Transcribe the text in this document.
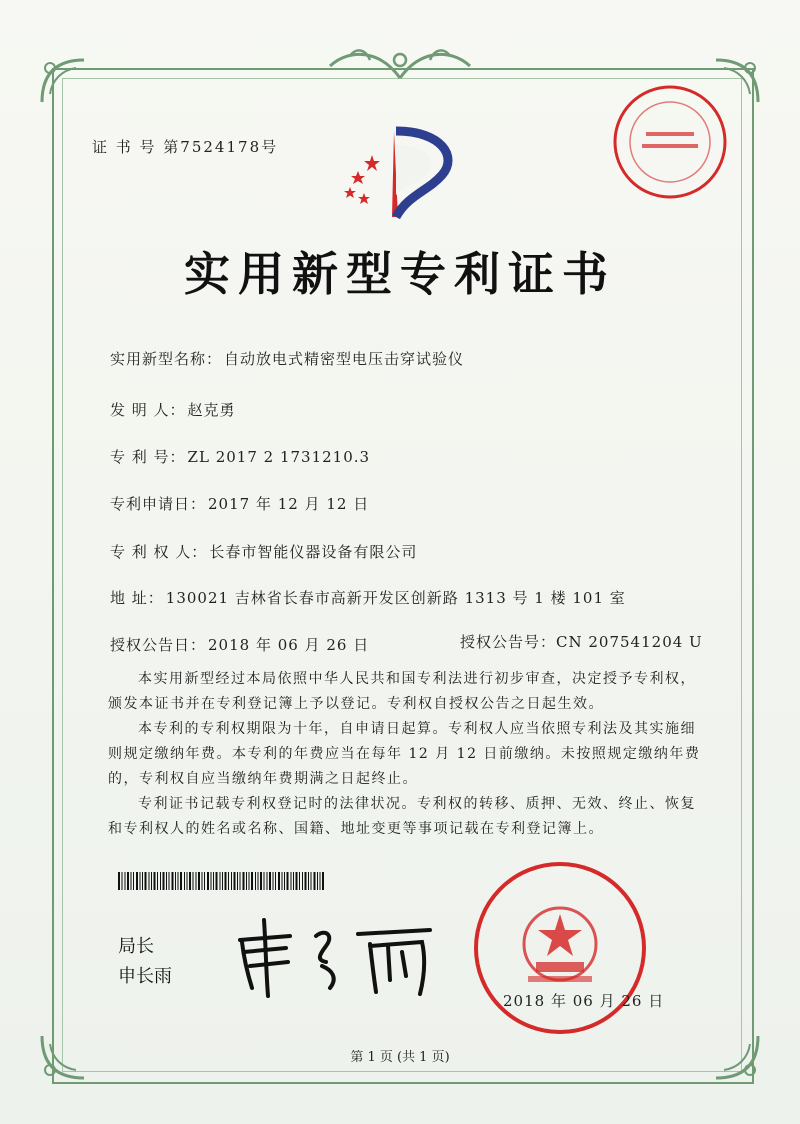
证 书 号 第7524178号
实用新型专利证书
实用新型名称： 自动放电式精密型电压击穿试验仪
发 明 人： 赵克勇
专 利 号： ZL 2017 2 1731210.3
专利申请日： 2017 年 12 月 12 日
专 利 权 人： 长春市智能仪器设备有限公司
地 址： 130021 吉林省长春市高新开发区创新路 1313 号 1 楼 101 室
授权公告日： 2018 年 06 月 26 日	授权公告号：CN 207541204 U
本实用新型经过本局依照中华人民共和国专利法进行初步审查，决定授予专利权，颁发本证书并在专利登记簿上予以登记。专利权自授权公告之日起生效。
本专利的专利权期限为十年，自申请日起算。专利权人应当依照专利法及其实施细则规定缴纳年费。本专利的年费应当在每年 12 月 12 日前缴纳。未按照规定缴纳年费的，专利权自应当缴纳年费期满之日起终止。
专利证书记载专利权登记时的法律状况。专利权的转移、质押、无效、终止、恢复和专利权人的姓名或名称、国籍、地址变更等事项记载在专利登记簿上。
局长
申长雨
2018 年 06 月 26 日
第 1 页 (共 1 页)
